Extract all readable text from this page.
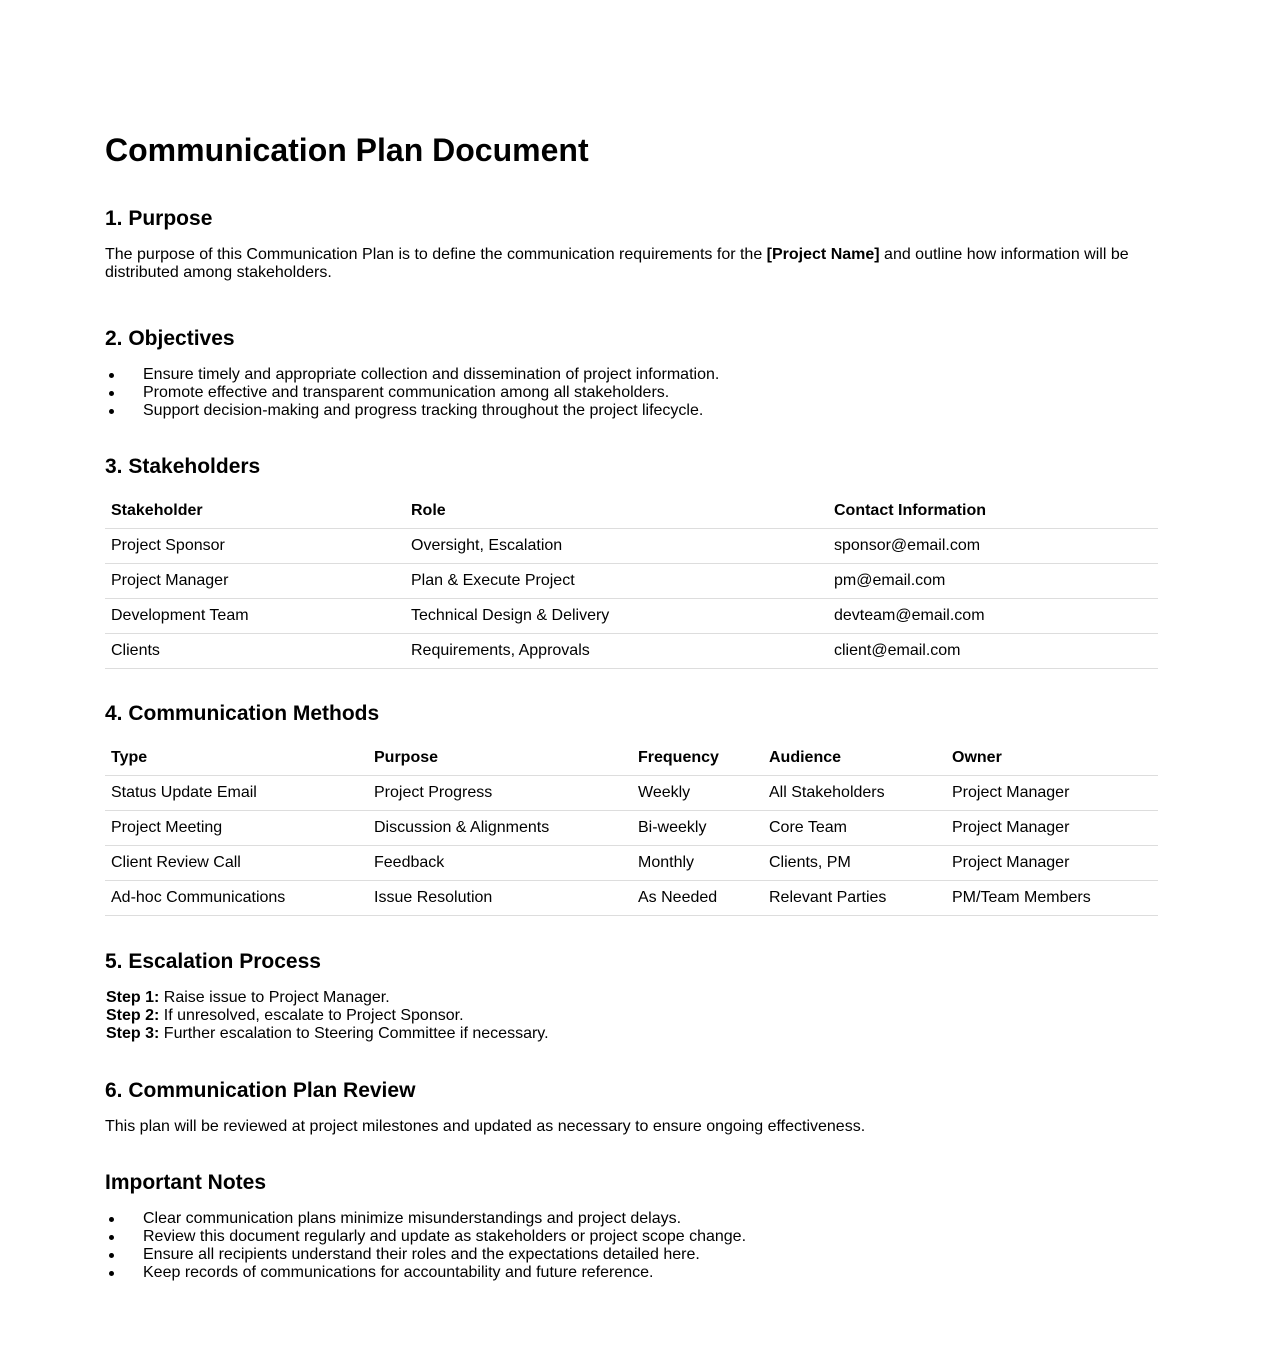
Communication Plan Document
1. Purpose

The purpose of this Communication Plan is to define the communication requirements for the [Project Name] and outline how information will be distributed among stakeholders.

2. Objectives
Ensure timely and appropriate collection and dissemination of project information.
Promote effective and transparent communication among all stakeholders.
Support decision-making and progress tracking throughout the project lifecycle.
3. Stakeholders
Stakeholder	Role	Contact Information
Project Sponsor	Oversight, Escalation	sponsor@email.com
Project Manager	Plan & Execute Project	pm@email.com
Development Team	Technical Design & Delivery	devteam@email.com
Clients	Requirements, Approvals	client@email.com
4. Communication Methods
Type	Purpose	Frequency	Audience	Owner
Status Update Email	Project Progress	Weekly	All Stakeholders	Project Manager
Project Meeting	Discussion & Alignments	Bi-weekly	Core Team	Project Manager
Client Review Call	Feedback	Monthly	Clients, PM	Project Manager
Ad-hoc Communications	Issue Resolution	As Needed	Relevant Parties	PM/Team Members
5. Escalation Process
Step 1: Raise issue to Project Manager.
Step 2: If unresolved, escalate to Project Sponsor.
Step 3: Further escalation to Steering Committee if necessary.
6. Communication Plan Review

This plan will be reviewed at project milestones and updated as necessary to ensure ongoing effectiveness.

Important Notes
Clear communication plans minimize misunderstandings and project delays.
Review this document regularly and update as stakeholders or project scope change.
Ensure all recipients understand their roles and the expectations detailed here.
Keep records of communications for accountability and future reference.
